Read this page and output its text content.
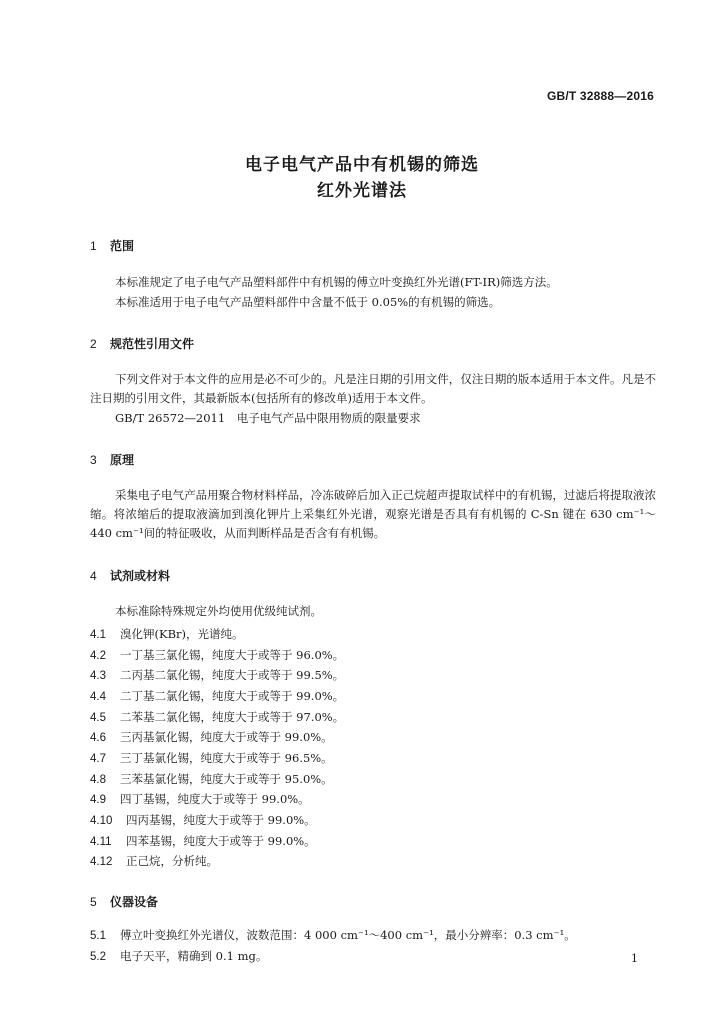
GB/T 32888—2016
电子电气产品中有机锡的筛选
红外光谱法
1 范围
本标准规定了电子电气产品塑料部件中有机锡的傅立叶变换红外光谱(FT-IR)筛选方法。
本标准适用于电子电气产品塑料部件中含量不低于 0.05%的有机锡的筛选。
2 规范性引用文件
下列文件对于本文件的应用是必不可少的。凡是注日期的引用文件，仅注日期的版本适用于本文件。凡是不注日期的引用文件，其最新版本(包括所有的修改单)适用于本文件。
GB/T 26572—2011　电子电气产品中限用物质的限量要求
3 原理
采集电子电气产品用聚合物材料样品，冷冻破碎后加入正己烷超声提取试样中的有机锡，过滤后将提取液浓缩。将浓缩后的提取液滴加到溴化钾片上采集红外光谱，观察光谱是否具有有机锡的 C-Sn 键在 630 cm⁻¹～440 cm⁻¹间的特征吸收，从而判断样品是否含有有机锡。
4 试剂或材料
本标准除特殊规定外均使用优级纯试剂。
4.1 溴化钾(KBr)，光谱纯。
4.2 一丁基三氯化锡，纯度大于或等于 96.0%。
4.3 二丙基二氯化锡，纯度大于或等于 99.5%。
4.4 二丁基二氯化锡，纯度大于或等于 99.0%。
4.5 二苯基二氯化锡，纯度大于或等于 97.0%。
4.6 三丙基氯化锡，纯度大于或等于 99.0%。
4.7 三丁基氯化锡，纯度大于或等于 96.5%。
4.8 三苯基氯化锡，纯度大于或等于 95.0%。
4.9 四丁基锡，纯度大于或等于 99.0%。
4.10 四丙基锡，纯度大于或等于 99.0%。
4.11 四苯基锡，纯度大于或等于 99.0%。
4.12 正己烷，分析纯。
5 仪器设备
5.1 傅立叶变换红外光谱仪，波数范围：4 000 cm⁻¹～400 cm⁻¹，最小分辨率：0.3 cm⁻¹。
5.2 电子天平，精确到 0.1 mg。	1
